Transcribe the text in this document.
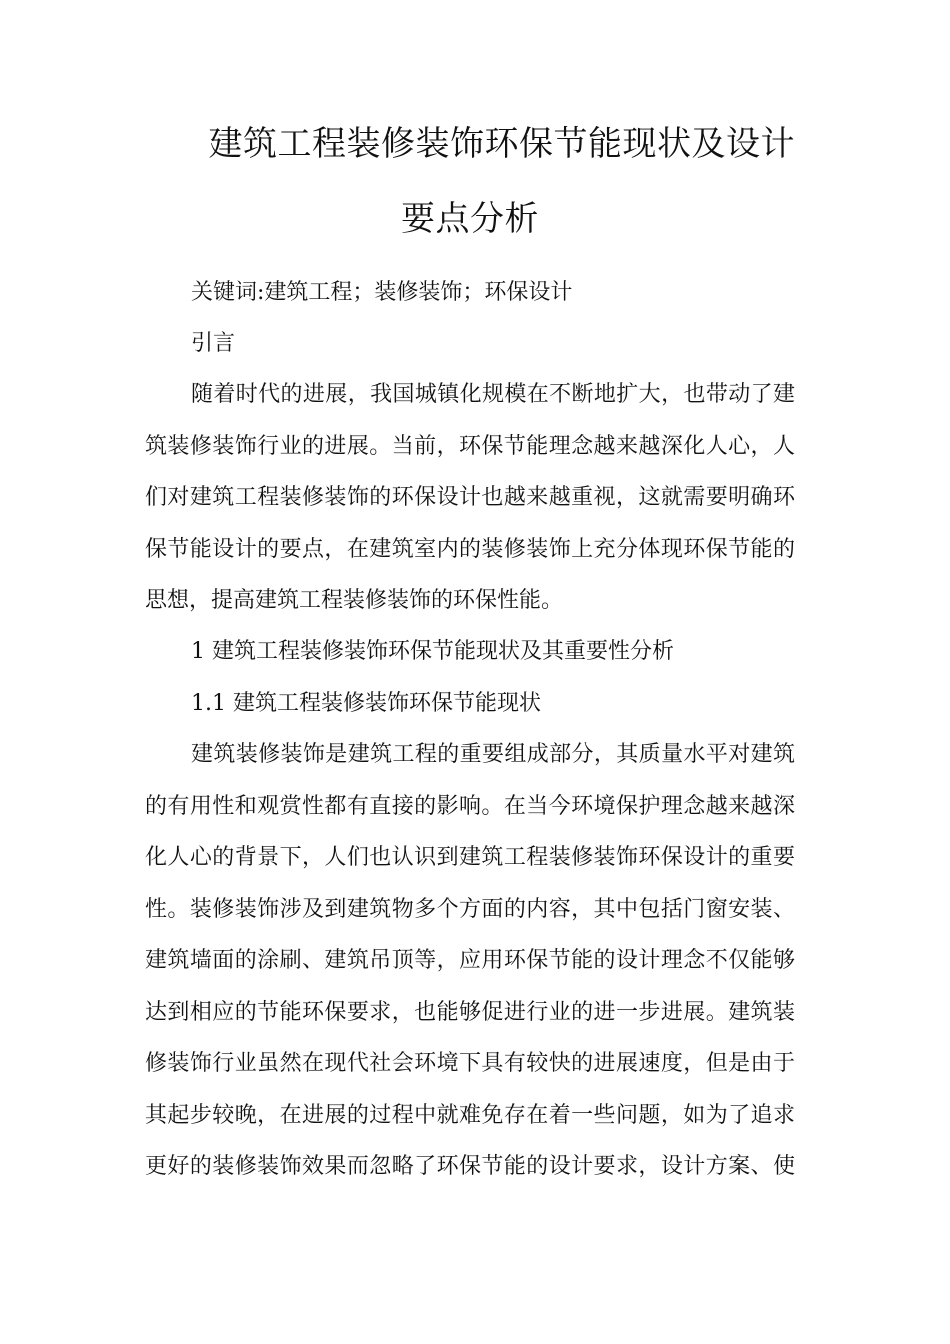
建筑工程装修装饰环保节能现状及设计
要点分析
关键词:建筑工程；装修装饰；环保设计
引言
随着时代的进展，我国城镇化规模在不断地扩大，也带动了建
筑装修装饰行业的进展。当前，环保节能理念越来越深化人心，人
们对建筑工程装修装饰的环保设计也越来越重视，这就需要明确环
保节能设计的要点，在建筑室内的装修装饰上充分体现环保节能的
思想，提高建筑工程装修装饰的环保性能。
1 建筑工程装修装饰环保节能现状及其重要性分析
1.1 建筑工程装修装饰环保节能现状
建筑装修装饰是建筑工程的重要组成部分，其质量水平对建筑
的有用性和观赏性都有直接的影响。在当今环境保护理念越来越深
化人心的背景下，人们也认识到建筑工程装修装饰环保设计的重要
性。装修装饰涉及到建筑物多个方面的内容，其中包括门窗安装、
建筑墙面的涂刷、建筑吊顶等，应用环保节能的设计理念不仅能够
达到相应的节能环保要求，也能够促进行业的进一步进展。建筑装
修装饰行业虽然在现代社会环境下具有较快的进展速度，但是由于
其起步较晚，在进展的过程中就难免存在着一些问题，如为了追求
更好的装修装饰效果而忽略了环保节能的设计要求，设计方案、使
